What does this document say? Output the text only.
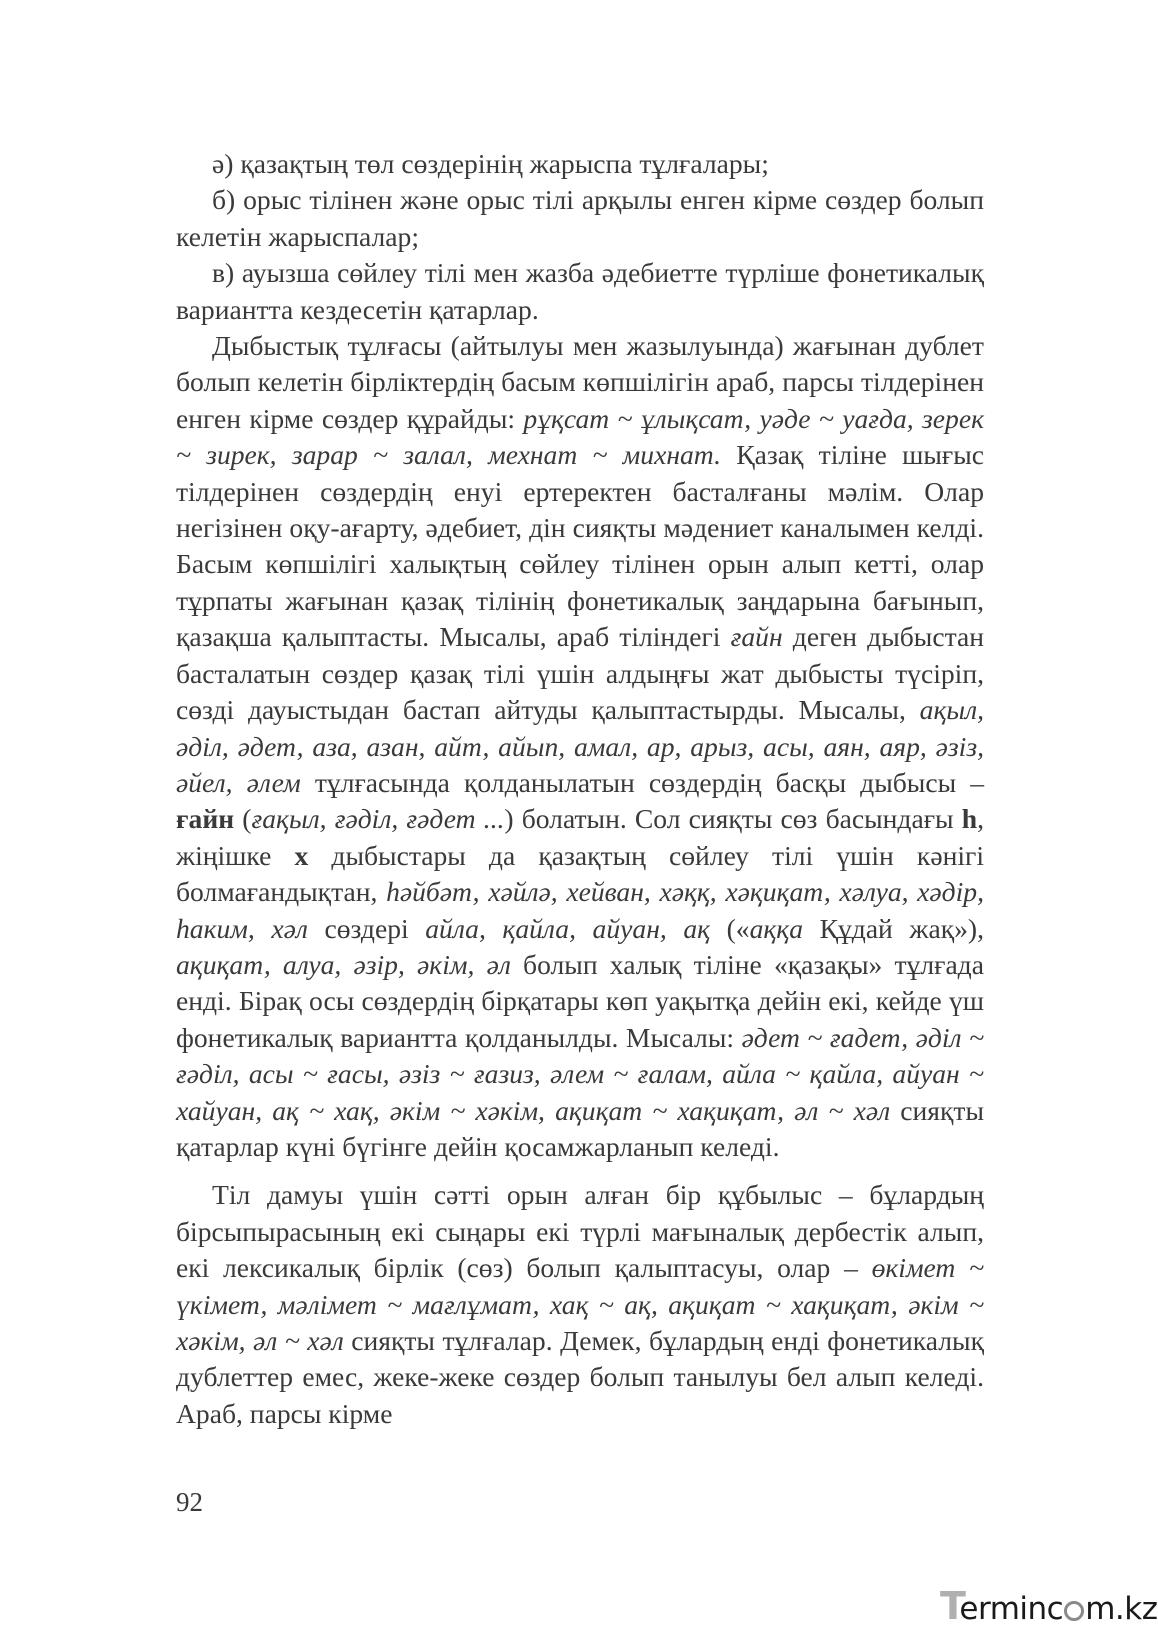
ә) қазақтың төл сөздерінің жарыспа тұлғалары;

б) орыс тілінен және орыс тілі арқылы енген кірме сөздер болып келетін жарыспалар;

в) ауызша сөйлеу тілі мен жазба әдебиетте түрліше фонетикалық вариантта кездесетін қатарлар.

Дыбыстық тұлғасы (айтылуы мен жазылуында) жағынан дублет болып келетін бірліктердің басым көпшілігін араб, парсы тілдерінен енген кірме сөздер құрайды: рұқсат ~ ұлықсат, уәде ~ уағда, зерек ~ зирек, зарар ~ залал, мехнат ~ михнат. Қазақ тіліне шығыс тілдерінен сөздердің енуі ертеректен басталғаны мәлім. Олар негізінен оқу-ағарту, әдебиет, дін сияқты мәдениет каналымен келді. Басым көпшілігі халықтың сөйлеу тілінен орын алып кетті, олар тұрпаты жағынан қазақ тілінің фонетикалық заңдарына бағынып, қазақша қалыптасты. Мысалы, араб тіліндегі ғайн деген дыбыстан басталатын сөздер қазақ тілі үшін алдыңғы жат дыбысты түсіріп, сөзді дауыстыдан бастап айтуды қалыптастырды. Мысалы, ақыл, әділ, әдет, аза, азан, айт, айып, амал, ар, арыз, асы, аян, аяр, әзіз, әйел, әлем тұлғасында қолданылатын сөздердің басқы дыбысы – ғайн (ғақыл, ғәділ, ғәдет ...) болатын. Сол сияқты сөз басындағы h, жіңішке х дыбыстары да қазақтың сөйлеу тілі үшін кәнігі болмағандықтан, һәйбәт, хәйлә, хейван, хәққ, хәқиқат, хәлуа, хәдір, һаким, хәл сөздері айла, қайла, айуан, ақ («аққа Құдай жақ»), ақиқат, алуа, әзір, әкім, әл болып халық тіліне «қазақы» тұлғада енді. Бірақ осы сөздердің бірқатары көп уақытқа дейін екі, кейде үш фонетикалық вариантта қолданылды. Мысалы: әдет ~ ғадет, әділ ~ ғәділ, асы ~ ғасы, әзіз ~ ғазиз, әлем ~ ғалам, айла ~ қайла, айуан ~ хайуан, ақ ~ хақ, әкім ~ хәкім, ақиқат ~ хақиқат, әл ~ хәл сияқты қатарлар күні бүгінге дейін қосамжарланып келеді.

Тіл дамуы үшін сәтті орын алған бір құбылыс – бұлардың бірсыпырасының екі сыңары екі түрлі мағыналық дербестік алып, екі лексикалық бірлік (сөз) болып қалыптасуы, олар – өкімет ~ үкімет, мәлімет ~ мағлұмат, хақ ~ ақ, ақиқат ~ хақиқат, әкім ~ хәкім, әл ~ хәл сияқты тұлғалар. Демек, бұлардың енді фонетикалық дублеттер емес, жеке-жеке сөздер болып танылуы бел алып келеді. Араб, парсы кірме

92
Terminc m.kz
